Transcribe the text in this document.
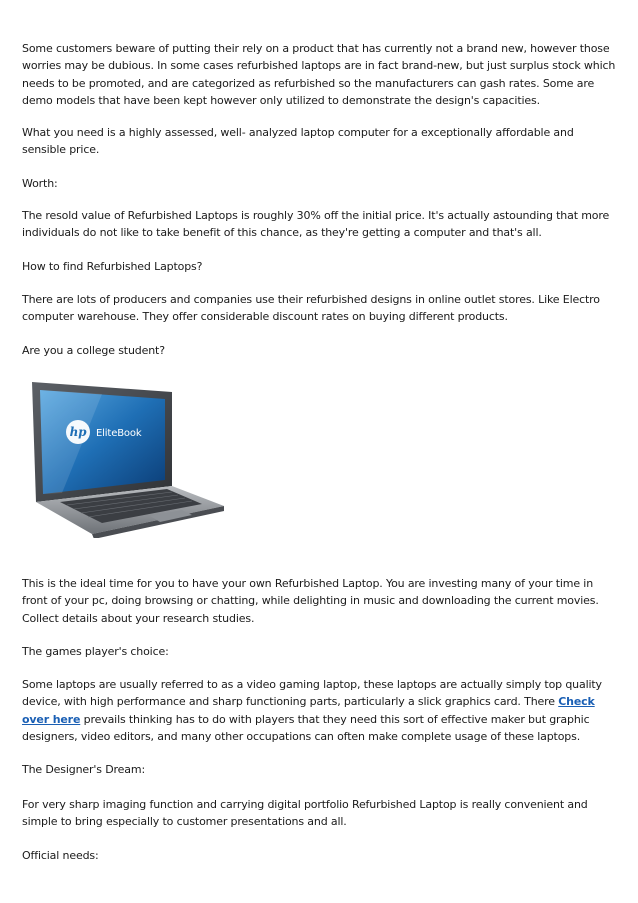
Some customers beware of putting their rely on a product that has currently not a brand new, however those worries may be dubious. In some cases refurbished laptops are in fact brand-new, but just surplus stock which needs to be promoted, and are categorized as refurbished so the manufacturers can gash rates. Some are demo models that have been kept however only utilized to demonstrate the design's capacities.

What you need is a highly assessed, well- analyzed laptop computer for a exceptionally affordable and sensible price.

Worth:

The resold value of Refurbished Laptops is roughly 30% off the initial price. It's actually astounding that more individuals do not like to take benefit of this chance, as they're getting a computer and that's all.

How to find Refurbished Laptops?

There are lots of producers and companies use their refurbished designs in online outlet stores. Like Electro computer warehouse. They offer considerable discount rates on buying different products.

Are you a college student?

hp EliteBook

This is the ideal time for you to have your own Refurbished Laptop. You are investing many of your time in front of your pc, doing browsing or chatting, while delighting in music and downloading the current movies. Collect details about your research studies.

The games player's choice:

Some laptops are usually referred to as a video gaming laptop, these laptops are actually simply top quality device, with high performance and sharp functioning parts, particularly a slick graphics card. There Check over here prevails thinking has to do with players that they need this sort of effective maker but graphic designers, video editors, and many other occupations can often make complete usage of these laptops.

The Designer's Dream:

For very sharp imaging function and carrying digital portfolio Refurbished Laptop is really convenient and simple to bring especially to customer presentations and all.

Official needs:
